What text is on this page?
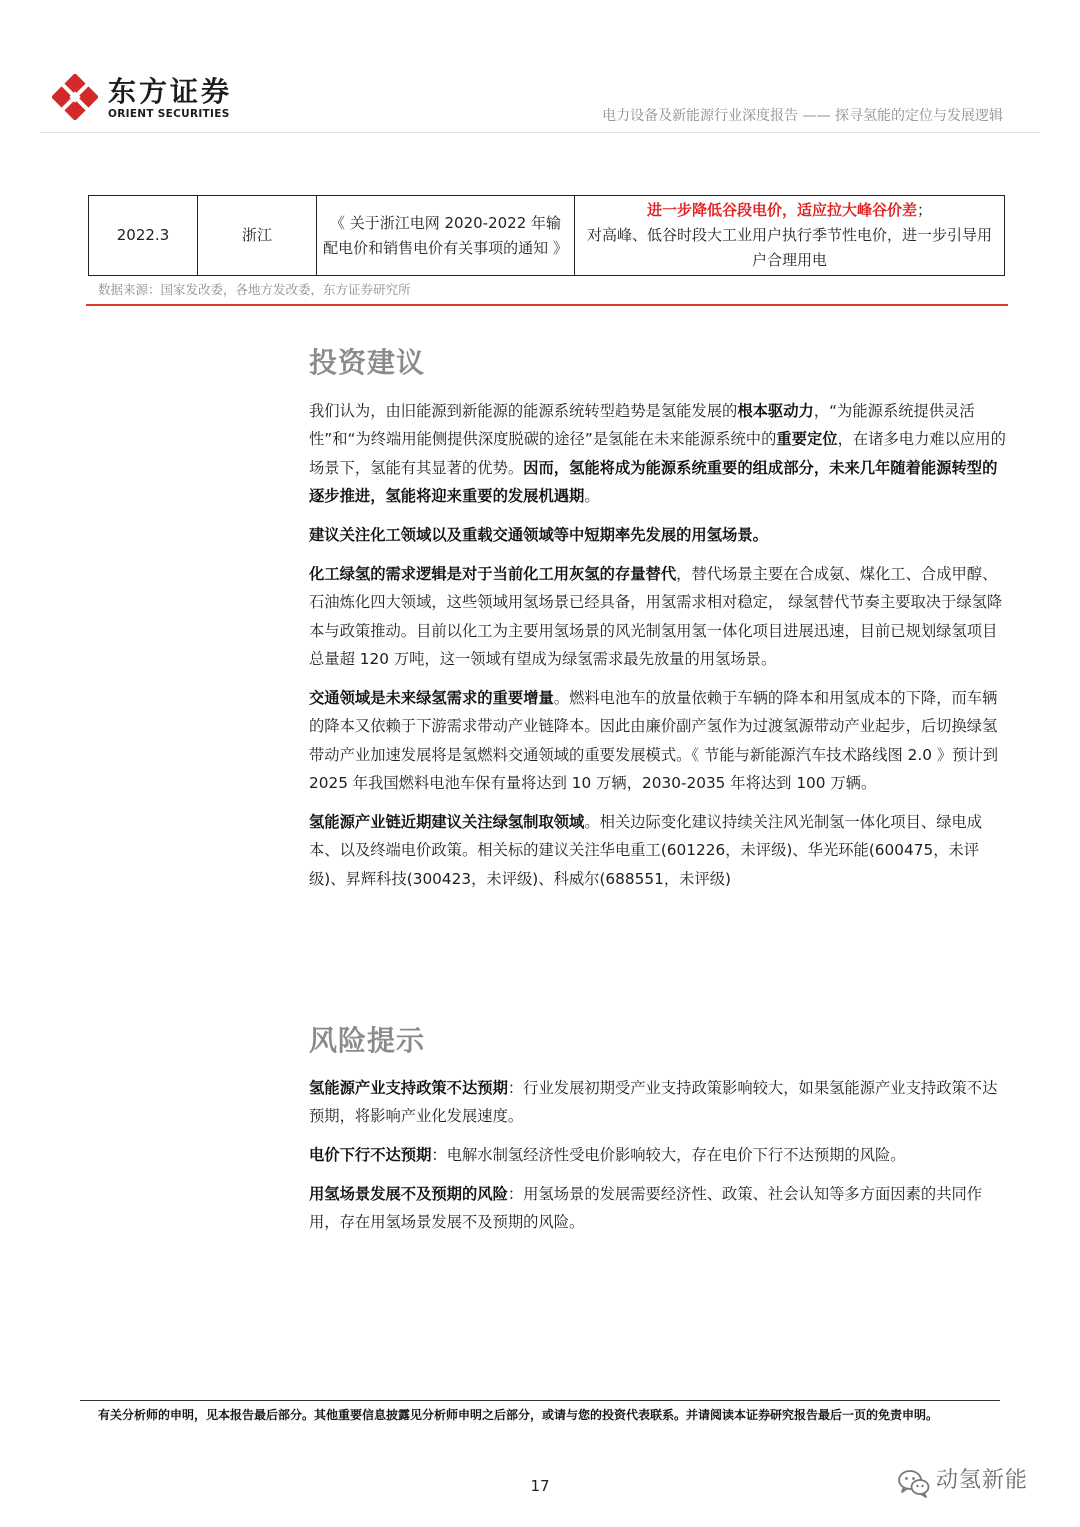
东方证券
ORIENT SECURITIES	电力设备及新能源行业深度报告 —— 探寻氢能的定位与发展逻辑
2022.3	浙江	《 关于浙江电网 2020-2022 年输配电价和销售电价有关事项的通知 》	进一步降低谷段电价，适应拉大峰谷价差；
对高峰、低谷时段大工业用户执行季节性电价，进一步引导用户合理用电
数据来源：国家发改委，各地方发改委，东方证券研究所
投资建议
我们认为，由旧能源到新能源的能源系统转型趋势是氢能发展的根本驱动力，“为能源系统提供灵活性”和“为终端用能侧提供深度脱碳的途径”是氢能在未来能源系统中的重要定位，在诸多电力难以应用的场景下，氢能有其显著的优势。因而，氢能将成为能源系统重要的组成部分，未来几年随着能源转型的逐步推进，氢能将迎来重要的发展机遇期。
建议关注化工领域以及重载交通领域等中短期率先发展的用氢场景。
化工绿氢的需求逻辑是对于当前化工用灰氢的存量替代，替代场景主要在合成氨、煤化工、合成甲醇、石油炼化四大领域，这些领域用氢场景已经具备，用氢需求相对稳定， 绿氢替代节奏主要取决于绿氢降本与政策推动。目前以化工为主要用氢场景的风光制氢用氢一体化项目进展迅速，目前已规划绿氢项目总量超 120 万吨，这一领域有望成为绿氢需求最先放量的用氢场景。
交通领域是未来绿氢需求的重要增量。燃料电池车的放量依赖于车辆的降本和用氢成本的下降，而车辆的降本又依赖于下游需求带动产业链降本。因此由廉价副产氢作为过渡氢源带动产业起步，后切换绿氢带动产业加速发展将是氢燃料交通领域的重要发展模式。《 节能与新能源汽车技术路线图 2.0 》预计到 2025 年我国燃料电池车保有量将达到 10 万辆，2030-2035 年将达到 100 万辆。
氢能源产业链近期建议关注绿氢制取领域。相关边际变化建议持续关注风光制氢一体化项目、绿电成本、以及终端电价政策。相关标的建议关注华电重工(601226，未评级)、华光环能(600475，未评级)、昇辉科技(300423，未评级)、科威尔(688551，未评级)
风险提示
氢能源产业支持政策不达预期：行业发展初期受产业支持政策影响较大，如果氢能源产业支持政策不达预期，将影响产业化发展速度。
电价下行不达预期：电解水制氢经济性受电价影响较大，存在电价下行不达预期的风险。
用氢场景发展不及预期的风险：用氢场景的发展需要经济性、政策、社会认知等多方面因素的共同作用，存在用氢场景发展不及预期的风险。
有关分析师的申明，见本报告最后部分。其他重要信息披露见分析师申明之后部分，或请与您的投资代表联系。并请阅读本证券研究报告最后一页的免责申明。
17	动氢新能
